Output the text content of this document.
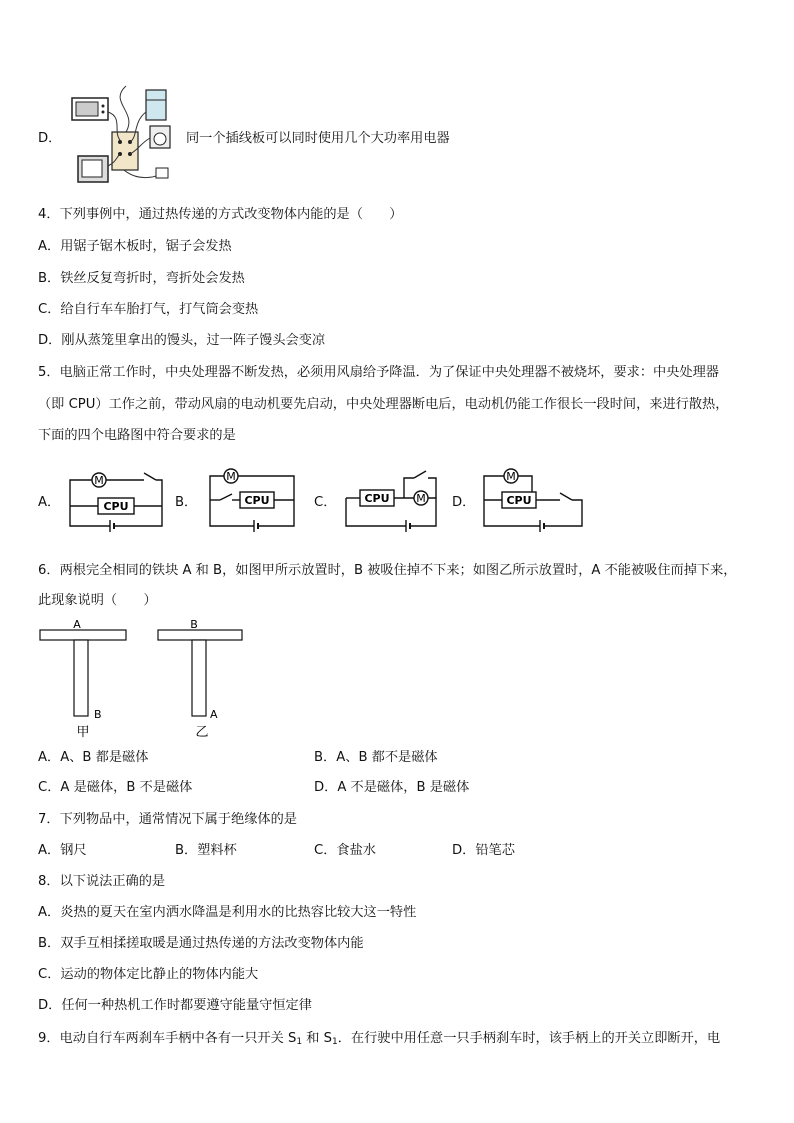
D．	同一个插线板可以同时使用几个大功率用电器
4．下列事例中，通过热传递的方式改变物体内能的是（　　）
A．用锯子锯木板时，锯子会发热
B．铁丝反复弯折时，弯折处会发热
C．给自行车车胎打气，打气筒会变热
D．刚从蒸笼里拿出的馒头，过一阵子馒头会变凉
5．电脑正常工作时，中央处理器不断发热，必须用风扇给予降温．为了保证中央处理器不被烧坏，要求：中央处理器
（即 CPU）工作之前，带动风扇的电动机要先启动，中央处理器断电后，电动机仍能工作很长一段时间，来进行散热，
下面的四个电路图中符合要求的是
A．	B．	C．	D．
M
CPU
M
CPU	CPU M
M
CPU
6．两根完全相同的铁块 A 和 B，如图甲所示放置时，B 被吸住掉不下来；如图乙所示放置时，A 不能被吸住而掉下来，
此现象说明（　　）
A
B
甲
B
A
乙
A．A、B 都是磁体	B．A、B 都不是磁体
C．A 是磁体，B 不是磁体	D．A 不是磁体，B 是磁体
7．下列物品中，通常情况下属于绝缘体的是
A．钢尺	B．塑料杯	C．食盐水	D．铅笔芯
8．以下说法正确的是
A．炎热的夏天在室内洒水降温是利用水的比热容比较大这一特性
B．双手互相揉搓取暖是通过热传递的方法改变物体内能
C．运动的物体定比静止的物体内能大
D．任何一种热机工作时都要遵守能量守恒定律
9．电动自行车两刹车手柄中各有一只开关 $S_1$ 和 $S_1$．在行驶中用任意一只手柄刹车时，该手柄上的开关立即断开，电
